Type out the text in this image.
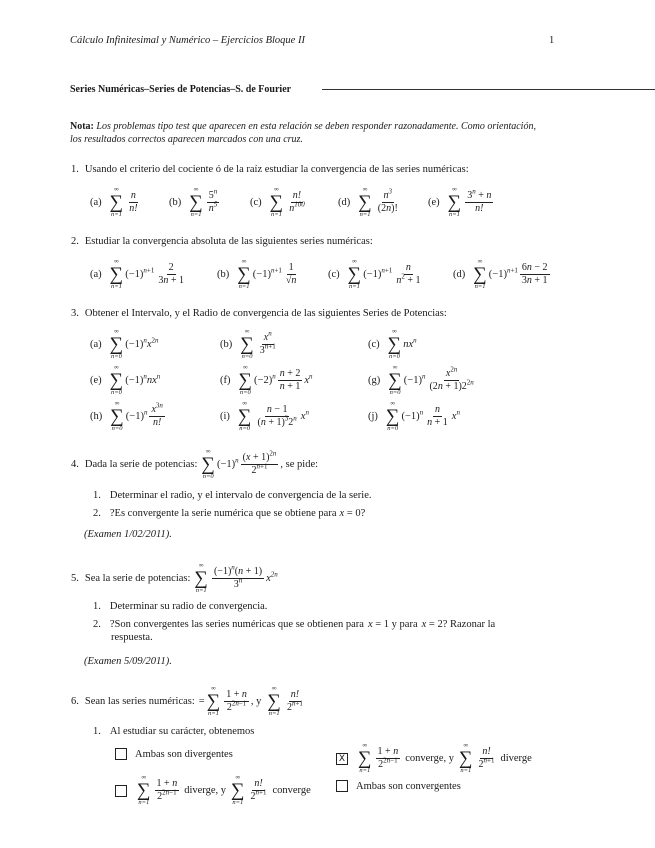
Cálculo Infinitesimal y Numérico – Ejercicios Bloque II	1
Series Numéricas–Series de Potencias–S. de Fourier
Nota: Los problemas tipo test que aparecen en esta relación se deben responder razonadamente. Como orientación,
los resultados correctos aparecen marcados con una cruz.
1. Usando el criterio del cociente ó de la raíz estudiar la convergencia de las series numéricas:
(a)
∞
∑
n=1
n
n!
(b)
∞
∑
n=1
5$^n$
$n^5$	(c)
∞
∑
n=1
n!
$n^{100}$	(d)
∞
∑
n=1
$n^3$
(2n)!
(e)
∞
∑
n=1
$3^n + n$
n!
2. Estudiar la convergencia absoluta de las siguientes series numéricas:
(a)
∞
∑
n=1
$(-1)^{n+1}$ 2
3n + 1
(b)
∞
∑
n=1
$(-1)^{n+1}$ 1
√n
(c)
∞
∑
n=1
$(-1)^{n+1}$ n
$n^2 + 1$
(d)
∞
∑
n=1
$(-1)^{n+1}$ 6n − 2
3n + 1
3. Obtener el Intervalo, y el Radio de convergencia de las siguientes Series de Potencias:
(a)
∞
∑
n=0
$(-1)^nx^{2n}$	(b)
∞
∑
n=0
$x^n$
$3^{n+1}$	(c)
∞
∑
n=0
$nx^n$
(e)
∞
∑
n=0
$(-1)^nnx^n$	(f)
∞
∑
n=0
$(-2)^n$ n + 2
n + 1
$x^n$	(g)
∞
∑
n=0
$(-1)^n$ $x^{2n}$
$(2n + 1)2^{2n}$
(h)
∞
∑
n=0
$(-1)^n$ $x^{3n}$
n!
(i)
∞
∑
n=0
n − 1
$(n + 1)^32^n$ $x^n$	(j)
∞
∑
n=0
$(-1)^n$ n
n + 1
$x^n$
4. Dada la serie de potencias:
∞
∑
n=0
$(-1)^n$ $(x + 1)^{2n}$
$2^{n+1}$ , se pide:
1. Determinar el radio, y el intervalo de convergencia de la serie.
2. ?Es convergente la serie numérica que se obtiene para x = 0 ?
(Examen 1/02/2011).
5. Sea la serie de potencias:
∞
∑
n=1
$(-1)^n(n + 1)$
3$^n$ $x^{2n}$
1. Determinar su radio de convergencia.
2. ?Son convergentes las series numéricas que se obtienen para x = 1 y para x = 2 ? Razonar la
respuesta.
(Examen 5/09/2011).
6. Sean las series numéricas: =
∞
∑
n=1
1 + n
$2^{2n-1}$ , y
∞
∑
n=1
n!
$2^{n+1}$
1. Al estudiar su carácter, obtenemos
Ambas son divergentes	X
∞
∑
n=1
1 + n
$2^{2n-1}$ converge, y
∞
∑
n=1
n!
$2^{n+1}$ diverge
∞
∑
n=1
1 + n
$2^{2n-1}$ diverge, y
∞
∑
n=1
n!
$2^{n+1}$ converge	Ambas son convergentes
